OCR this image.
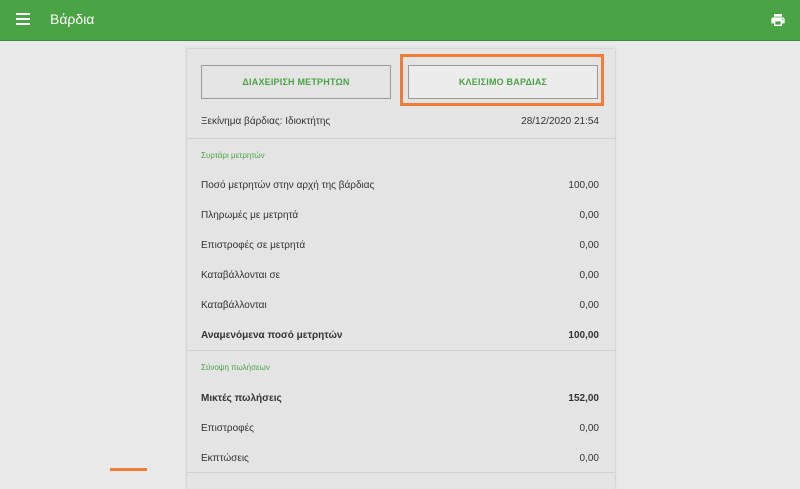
Βάρδια
ΔΙΑΧΕΙΡΙΣΗ ΜΕΤΡΗΤΩΝ	ΚΛΕΙΣΙΜΟ ΒΑΡΔΙΑΣ
Ξεκίνημα βάρδιας: Ιδιοκτήτης	28/12/2020 21:54
Συρτάρι μετρητών
Ποσό μετρητών στην αρχή της βάρδιας	100,00
Πληρωμές με μετρητά	0,00
Επιστροφές σε μετρητά	0,00
Καταβάλλονται σε	0,00
Καταβάλλονται	0,00
Αναμενόμενα ποσό μετρητών	100,00
Σύνοψη πωλήσεων
Μικτές πωλήσεις	152,00
Επιστροφές	0,00
Εκπτώσεις	0,00
